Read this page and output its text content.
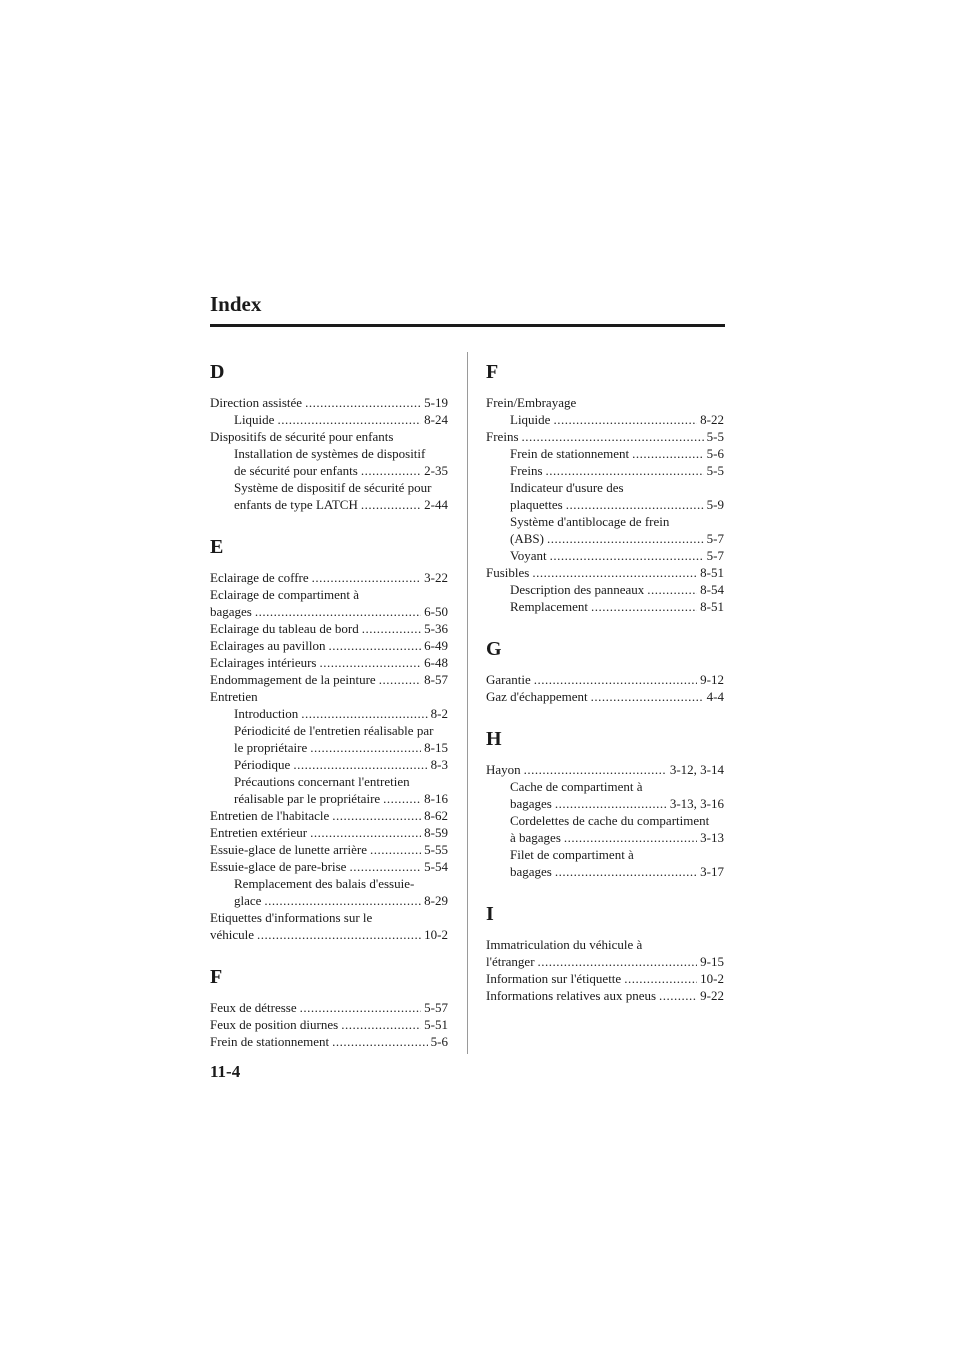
Index
D
Direction assistée .....	5-19
Liquide .....	8-24
Dispositifs de sécurité pour enfants
Installation de systèmes de dispositif
de sécurité pour enfants .....	2-35
Système de dispositif de sécurité pour
enfants de type LATCH .....	2-44
E
Eclairage de coffre .....	3-22
Eclairage de compartiment à
bagages .....	6-50
Eclairage du tableau de bord .....	5-36
Eclairages au pavillon .....	6-49
Eclairages intérieurs .....	6-48
Endommagement de la peinture .....	8-57
Entretien
Introduction .....	8-2
Périodicité de l'entretien réalisable par
le propriétaire .....	8-15
Périodique .....	8-3
Précautions concernant l'entretien
réalisable par le propriétaire .....	8-16
Entretien de l'habitacle .....	8-62
Entretien extérieur .....	8-59
Essuie-glace de lunette arrière .....	5-55
Essuie-glace de pare-brise .....	5-54
Remplacement des balais d'essuie-
glace .....	8-29
Etiquettes d'informations sur le
véhicule .....	10-2
F
Feux de détresse .....	5-57
Feux de position diurnes .....	5-51
Frein de stationnement .....	5-6
F
Frein/Embrayage
Liquide .....	8-22
Freins .....	5-5
Frein de stationnement .....	5-6
Freins .....	5-5
Indicateur d'usure des
plaquettes .....	5-9
Système d'antiblocage de frein
(ABS) .....	5-7
Voyant .....	5-7
Fusibles .....	8-51
Description des panneaux .....	8-54
Remplacement .....	8-51
G
Garantie .....	9-12
Gaz d'échappement .....	4-4
H
Hayon .....	3-12, 3-14
Cache de compartiment à
bagages .....	3-13, 3-16
Cordelettes de cache du compartiment
à bagages .....	3-13
Filet de compartiment à
bagages .....	3-17
I
Immatriculation du véhicule à
l'étranger .....	9-15
Information sur l'étiquette .....	10-2
Informations relatives aux pneus .....	9-22
11-4
